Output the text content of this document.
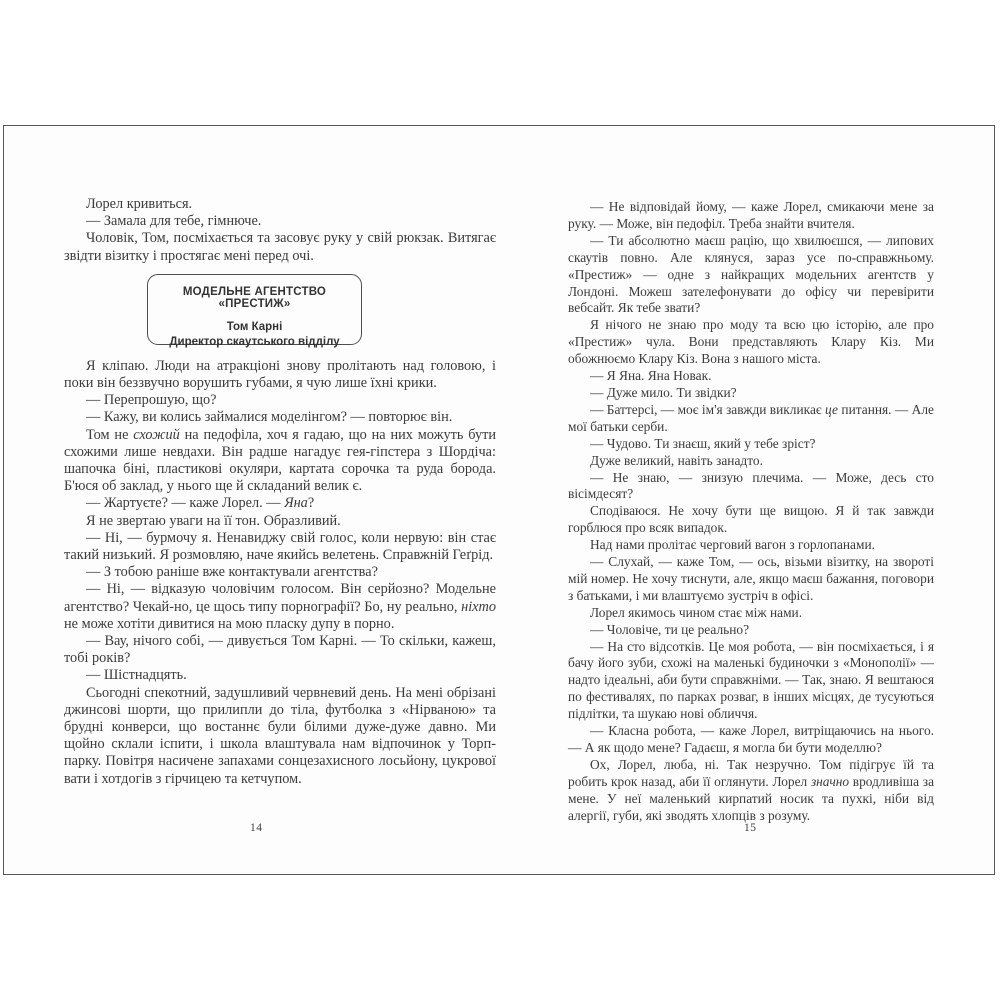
Лорел кривиться.

— Замала для тебе, гімнюче.

Чоловік, Том, посміхається та засовує руку у свій рюкзак. Витягає звідти візитку і простягає мені перед очі.

МОДЕЛЬНЕ АГЕНТСТВО «ПРЕСТИЖ»
Том Карні
Директор скаутського відділу

Я кліпаю. Люди на атракціоні знову пролітають над головою, і поки він беззвучно ворушить губами, я чую лише їхні крики.

— Перепрошую, що?

— Кажу, ви колись займалися моделінгом? — повторює він.

Том не схожий на педофіла, хоч я гадаю, що на них можуть бути схожими лише невдахи. Він радше нагадує гея-гіпстера з Шордіча: шапочка біні, пластикові окуляри, картата сорочка та руда борода. Б'юся об заклад, у нього ще й складаний велик є.

— Жартуєте? — каже Лорел. — Яна?

Я не звертаю уваги на її тон. Образливий.

— Ні, — бурмочу я. Ненавиджу свій голос, коли нервую: він стає такий низький. Я розмовляю, наче якийсь велетень. Справжній Геґрід.

— З тобою раніше вже контактували агентства?

— Ні, — відказую чоловічим голосом. Він серйозно? Модельне агентство? Чекай-но, це щось типу порнографії? Бо, ну реально, ніхто не може хотіти дивитися на мою пласку дупу в порно.

— Вау, нічого собі, — дивується Том Карні. — То скільки, кажеш, тобі років?

— Шістнадцять.

Сьогодні спекотний, задушливий червневий день. На мені обрізані джинсові шорти, що прилипли до тіла, футболка з «Нірваною» та брудні конверси, що востаннє були білими дуже-дуже давно. Ми щойно склали іспити, і школа влаштувала нам відпочинок у Торп-парку. Повітря насичене запахами сонцезахисного лосьйону, цукрової вати і хотдогів з гірчицею та кетчупом.

14

— Не відповідай йому, — каже Лорел, смикаючи мене за руку. — Може, він педофіл. Треба знайти вчителя.

— Ти абсолютно маєш рацію, що хвилюєшся, — липових скаутів повно. Але клянуся, зараз усе по-справжньому. «Престиж» — одне з найкращих модельних агентств у Лондоні. Можеш зателефонувати до офісу чи перевірити вебсайт. Як тебе звати?

Я нічого не знаю про моду та всю цю історію, але про «Престиж» чула. Вони представляють Клару Кіз. Ми обожнюємо Клару Кіз. Вона з нашого міста.

— Я Яна. Яна Новак.

— Дуже мило. Ти звідки?

— Баттерсі, — моє ім'я завжди викликає це питання. — Але мої батьки серби.

— Чудово. Ти знаєш, який у тебе зріст?

Дуже великий, навіть занадто.

— Не знаю, — знизую плечима. — Може, десь сто вісімдесят?

Сподіваюся. Не хочу бути ще вищою. Я й так завжди горблюся про всяк випадок.

Над нами пролітає черговий вагон з горлопанами.

— Слухай, — каже Том, — ось, візьми візитку, на звороті мій номер. Не хочу тиснути, але, якщо маєш бажання, поговори з батьками, і ми влаштуємо зустріч в офісі.

Лорел якимось чином стає між нами.

— Чоловіче, ти це реально?

— На сто відсотків. Це моя робота, — він посміхається, і я бачу його зуби, схожі на маленькі будиночки з «Монополії» — надто ідеальні, аби бути справжніми. — Так, знаю. Я вештаюся по фестивалях, по парках розваг, в інших місцях, де тусуються підлітки, та шукаю нові обличчя.

— Класна робота, — каже Лорел, витріщаючись на нього. — А як щодо мене? Гадаєш, я могла би бути моделлю?

Ох, Лорел, люба, ні. Так незручно. Том підігрує їй та робить крок назад, аби її оглянути. Лорел значно вродливіша за мене. У неї маленький кирпатий носик та пухкі, ніби від алергії, губи, які зводять хлопців з розуму.

15
